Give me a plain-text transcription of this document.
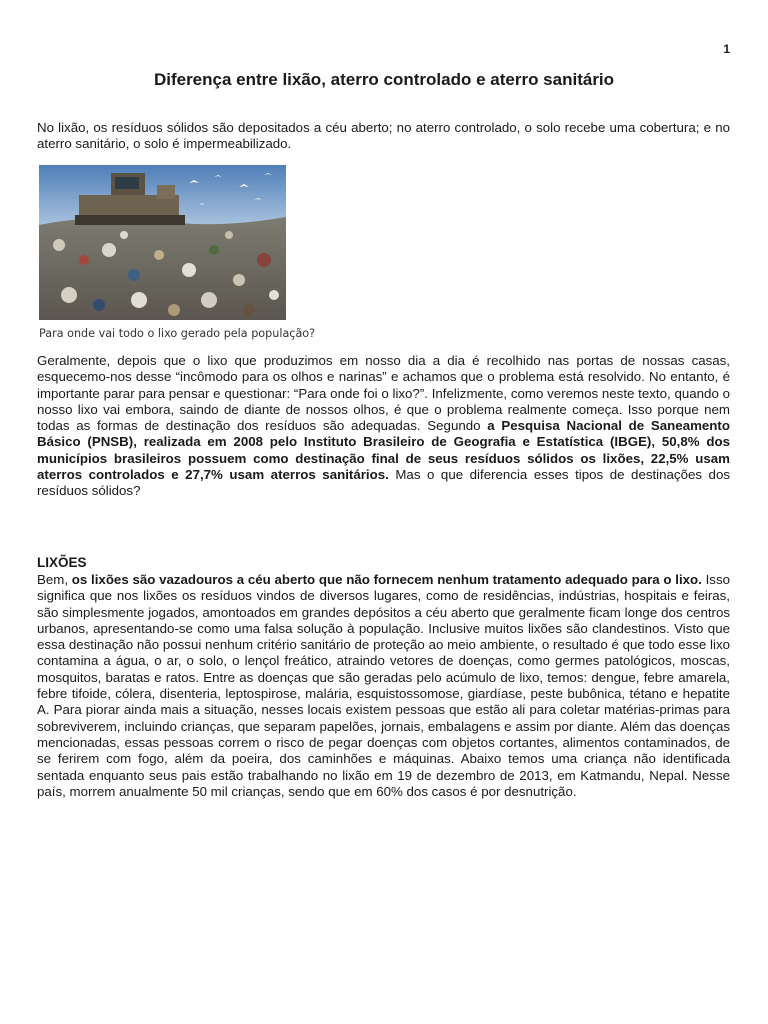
1
Diferença entre lixão, aterro controlado e aterro sanitário

No lixão, os resíduos sólidos são depositados a céu aberto; no aterro controlado, o solo recebe uma cobertura; e no aterro sanitário, o solo é impermeabilizado.

Para onde vai todo o lixo gerado pela população?

Geralmente, depois que o lixo que produzimos em nosso dia a dia é recolhido nas portas de nossas casas, esquecemo-nos desse “incômodo para os olhos e narinas” e achamos que o problema está resolvido. No entanto, é importante parar para pensar e questionar: “Para onde foi o lixo?”. Infelizmente, como veremos neste texto, quando o nosso lixo vai embora, saindo de diante de nossos olhos, é que o problema realmente começa. Isso porque nem todas as formas de destinação dos resíduos são adequadas. Segundo a Pesquisa Nacional de Saneamento Básico (PNSB), realizada em 2008 pelo Instituto Brasileiro de Geografia e Estatística (IBGE), 50,8% dos municípios brasileiros possuem como destinação final de seus resíduos sólidos os lixões, 22,5% usam aterros controlados e 27,7% usam aterros sanitários. Mas o que diferencia esses tipos de destinações dos resíduos sólidos?

LIXÕES

Bem, os lixões são vazadouros a céu aberto que não fornecem nenhum tratamento adequado para o lixo. Isso significa que nos lixões os resíduos vindos de diversos lugares, como de residências, indústrias, hospitais e feiras, são simplesmente jogados, amontoados em grandes depósitos a céu aberto que geralmente ficam longe dos centros urbanos, apresentando-se como uma falsa solução à população. Inclusive muitos lixões são clandestinos. Visto que essa destinação não possui nenhum critério sanitário de proteção ao meio ambiente, o resultado é que todo esse lixo contamina a água, o ar, o solo, o lençol freático, atraindo vetores de doenças, como germes patológicos, moscas, mosquitos, baratas e ratos. Entre as doenças que são geradas pelo acúmulo de lixo, temos: dengue, febre amarela, febre tifoide, cólera, disenteria, leptospirose, malária, esquistossomose, giardíase, peste bubônica, tétano e hepatite A. Para piorar ainda mais a situação, nesses locais existem pessoas que estão ali para coletar matérias-primas para sobreviverem, incluindo crianças, que separam papelões, jornais, embalagens e assim por diante. Além das doenças mencionadas, essas pessoas correm o risco de pegar doenças com objetos cortantes, alimentos contaminados, de se ferirem com fogo, além da poeira, dos caminhões e máquinas. Abaixo temos uma criança não identificada sentada enquanto seus pais estão trabalhando no lixão em 19 de dezembro de 2013, em Katmandu, Nepal. Nesse país, morrem anualmente 50 mil crianças, sendo que em 60% dos casos é por desnutrição.
